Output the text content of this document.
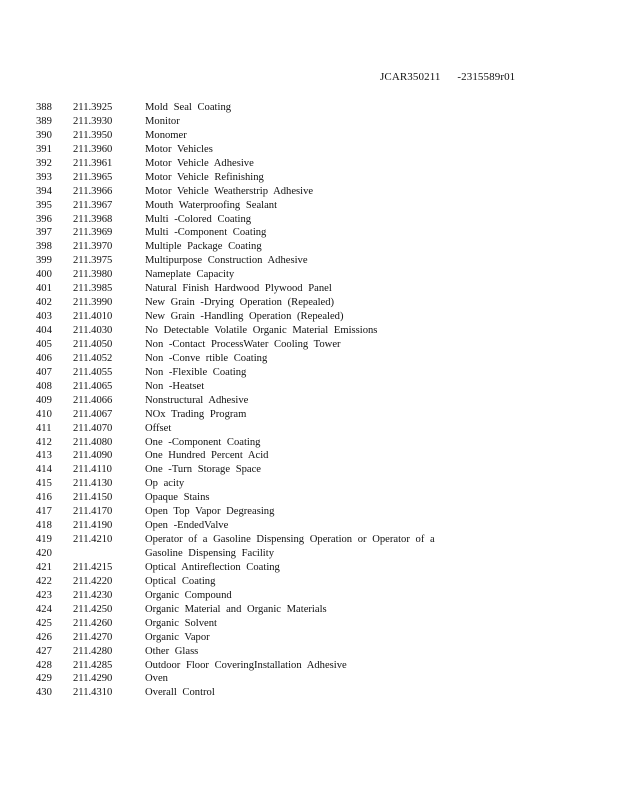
JCAR350211 -2315589r01
388 211.3925	Mold Seal Coating
389 211.3930	Monitor
390 211.3950	Monomer
391 211.3960	Motor Vehicles
392 211.3961	Motor Vehicle Adhesive
393 211.3965	Motor Vehicle Refinishing
394 211.3966	Motor Vehicle Weatherstrip Adhesive
395 211.3967	Mouth Waterproofing Sealant
396 211.3968	Multi -Colored Coating
397 211.3969	Multi -Component Coating
398 211.3970	Multiple Package Coating
399 211.3975	Multipurpose Construction Adhesive
400 211.3980	Nameplate Capacity
401 211.3985	Natural Finish Hardwood Plywood Panel
402 211.3990	New Grain -Drying Operation (Repealed)
403 211.4010	New Grain -Handling Operation (Repealed)
404 211.4030	No Detectable Volatile Organic Material Emissions
405 211.4050	Non -Contact ProcessWater Cooling Tower
406 211.4052	Non -Conve rtible Coating
407 211.4055	Non -Flexible Coating
408 211.4065	Non -Heatset
409 211.4066	Nonstructural Adhesive
410 211.4067	NOx Trading Program
411 211.4070	Offset
412 211.4080	One -Component Coating
413 211.4090	One Hundred Percent Acid
414 211.4110	One -Turn Storage Space
415 211.4130	Op acity
416 211.4150	Opaque Stains
417 211.4170	Open Top Vapor Degreasing
418 211.4190	Open -EndedValve
419 211.4210	Operator of a Gasoline Dispensing Operation or Operator of a
420	Gasoline Dispensing Facility
421 211.4215	Optical Antireflection Coating
422 211.4220	Optical Coating
423 211.4230	Organic Compound
424 211.4250	Organic Material and Organic Materials
425 211.4260	Organic Solvent
426 211.4270	Organic Vapor
427 211.4280	Other Glass
428 211.4285	Outdoor Floor CoveringInstallation Adhesive
429 211.4290	Oven
430 211.4310	Overall Control
